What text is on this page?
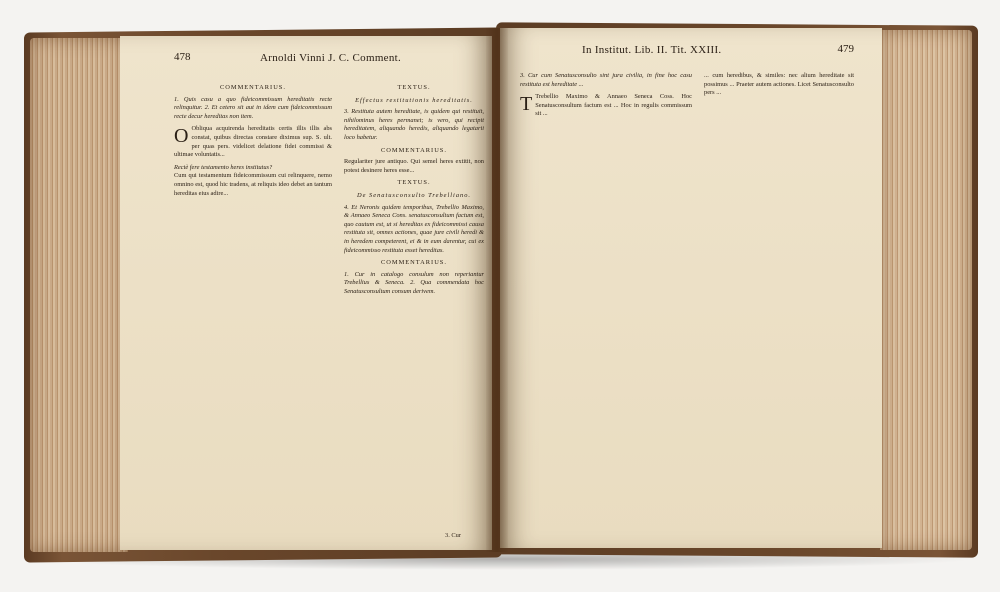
478	Arnoldi Vinni J. C. Comment.
COMMENTARIUS.
1. Quis casu a quo fideicommissum hereditatis recte relinquitur. 2. Et cetero sit aut in idem cum fideicommissum recte decur hereditas non item.
O Obliqua acquirenda hereditatis certis illis illis abs constat, quibus directas constare diximus sup. S. ult. per quas pers. videlicet delatione fidei commissi & ultimae voluntatis...
Rectè fere testamento heres institutus?
Cum qui testamentum fideicommissum cui relinquere, nemo omnino est, quod hic tradens, at reliquis ideo debet an tantum hereditas eius adire...
TEXTUS.
Effectus restitutionis hereditatis.
3. Restituta autem hereditate, is quidem qui restituit, nihilominus heres permanet; is vero, qui recipit hereditatem, aliquando heredis, aliquando legatarii loco habetur.
COMMENTARIUS.
Regulariter jure antiquo. Qui semel heres extitit, non potest desinere heres esse...
TEXTUS.
De Senatusconsulto Trebelliano.
4. Et Neronis quidem temporibus, Trebellio Maximo, & Annaeo Seneca Cons. senatusconsultum factum est, quo cautum est, ut si hereditas ex fideicommissi causa restituta sit, omnes actiones, quae jure civili heredi & in heredem competerent, ei & in eum darentur, cui ex fideicommisso restituta esset hereditas.
COMMENTARIUS.
1. Cur in catalogo consulum non reperiantur Trebellius & Seneca. 2. Qua commendata hoc Senatusconsultum consum derivem.
3. Cur
In Institut. Lib. II. Tit. XXIII.	479
3. Cur cum Senatusconsulto sint jura civilia, in fine hoc casu restituta est hereditate ...
T Trebellio Maximo & Annaeo Seneca Coss. Hoc Senatusconsultum factum est ... Hoc in regulis commissum sit ...
... cum heredibus, & similes: nec alium hereditate sit possimus ... Praeter autem actiones. Licet Senatusconsulto pers ...
